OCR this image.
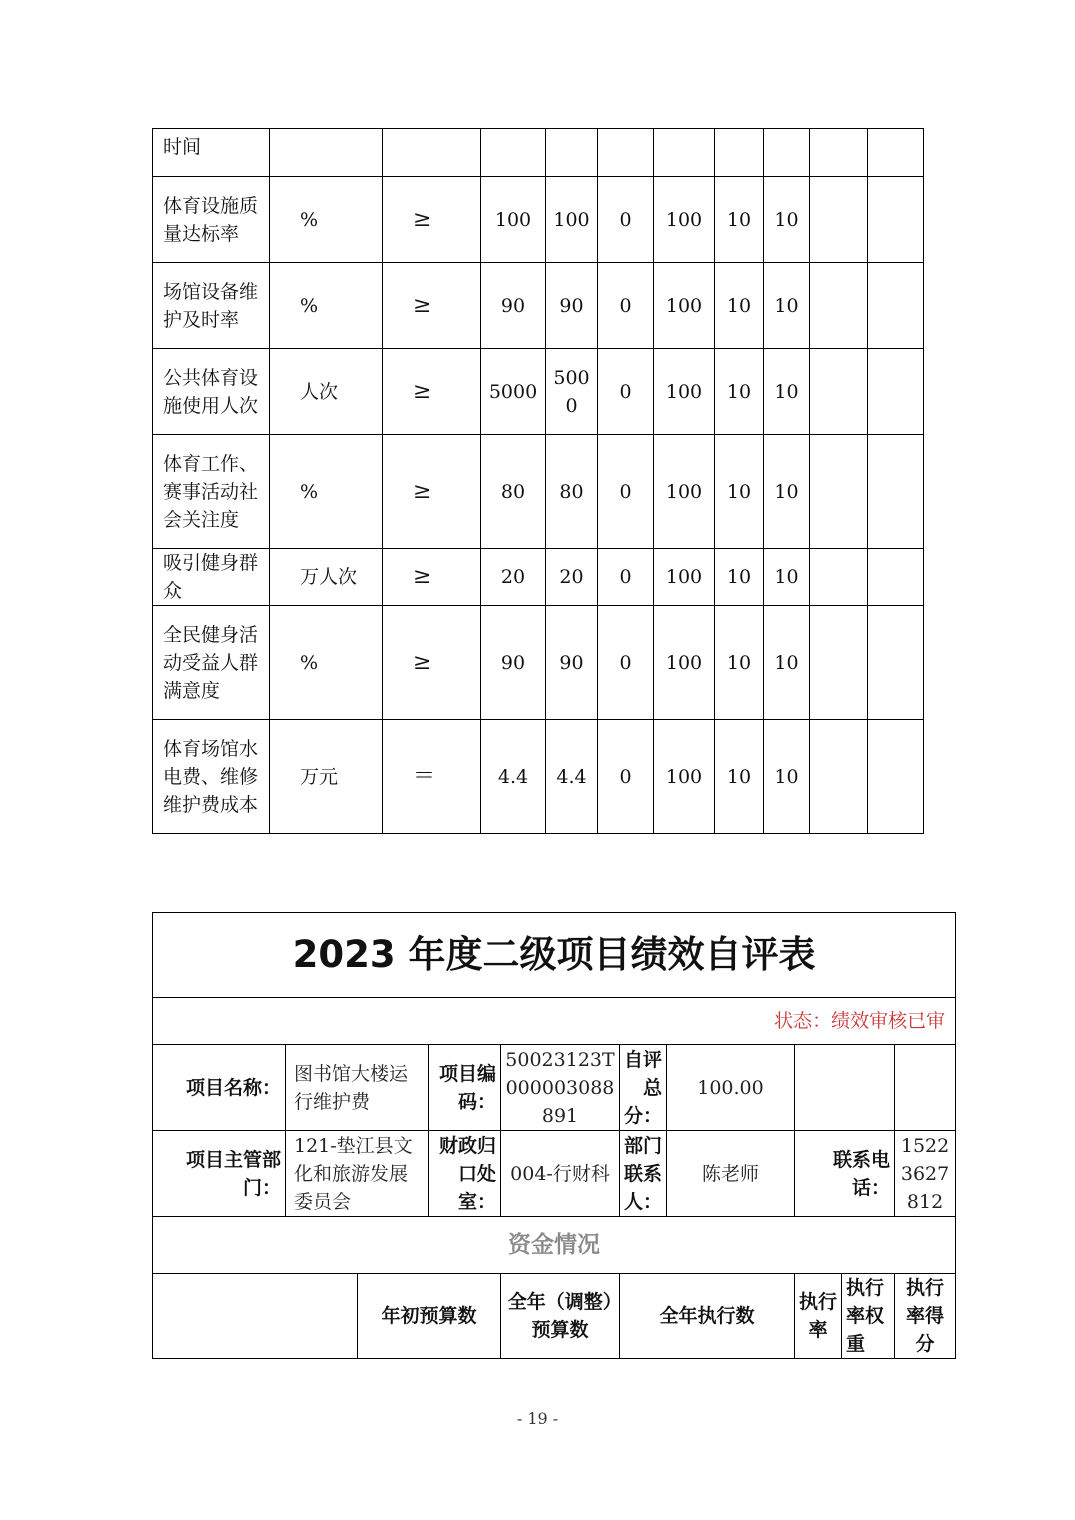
时间										
体育设施质量达标率	%	≥	100	100	0	100	10	10		
场馆设备维护及时率	%	≥	90	90	0	100	10	10		
公共体育设施使用人次	人次	≥	5000	5000	0	100	10	10		
体育工作、赛事活动社会关注度	%	≥	80	80	0	100	10	10		
吸引健身群众	万人次	≥	20	20	0	100	10	10		
全民健身活动受益人群满意度	%	≥	90	90	0	100	10	10		
体育场馆水电费、维修维护费成本	万元	＝	4.4	4.4	0	100	10	10		
2023 年度二级项目绩效自评表									
状态：绩效审核已审									
项目名称：	图书馆大楼运行维护费		项目编码：	50023123T000003088891	自评总分：	100.00			
项目主管部门：	121-垫江县文化和旅游发展委员会		财政归口处室：	004-行财科	部门联系人：	陈老师	联系电话：		15223627812
资金情况									
		年初预算数		全年（调整）预算数	全年执行数		执行率	执行率权重	执行率得分
- 19 -
